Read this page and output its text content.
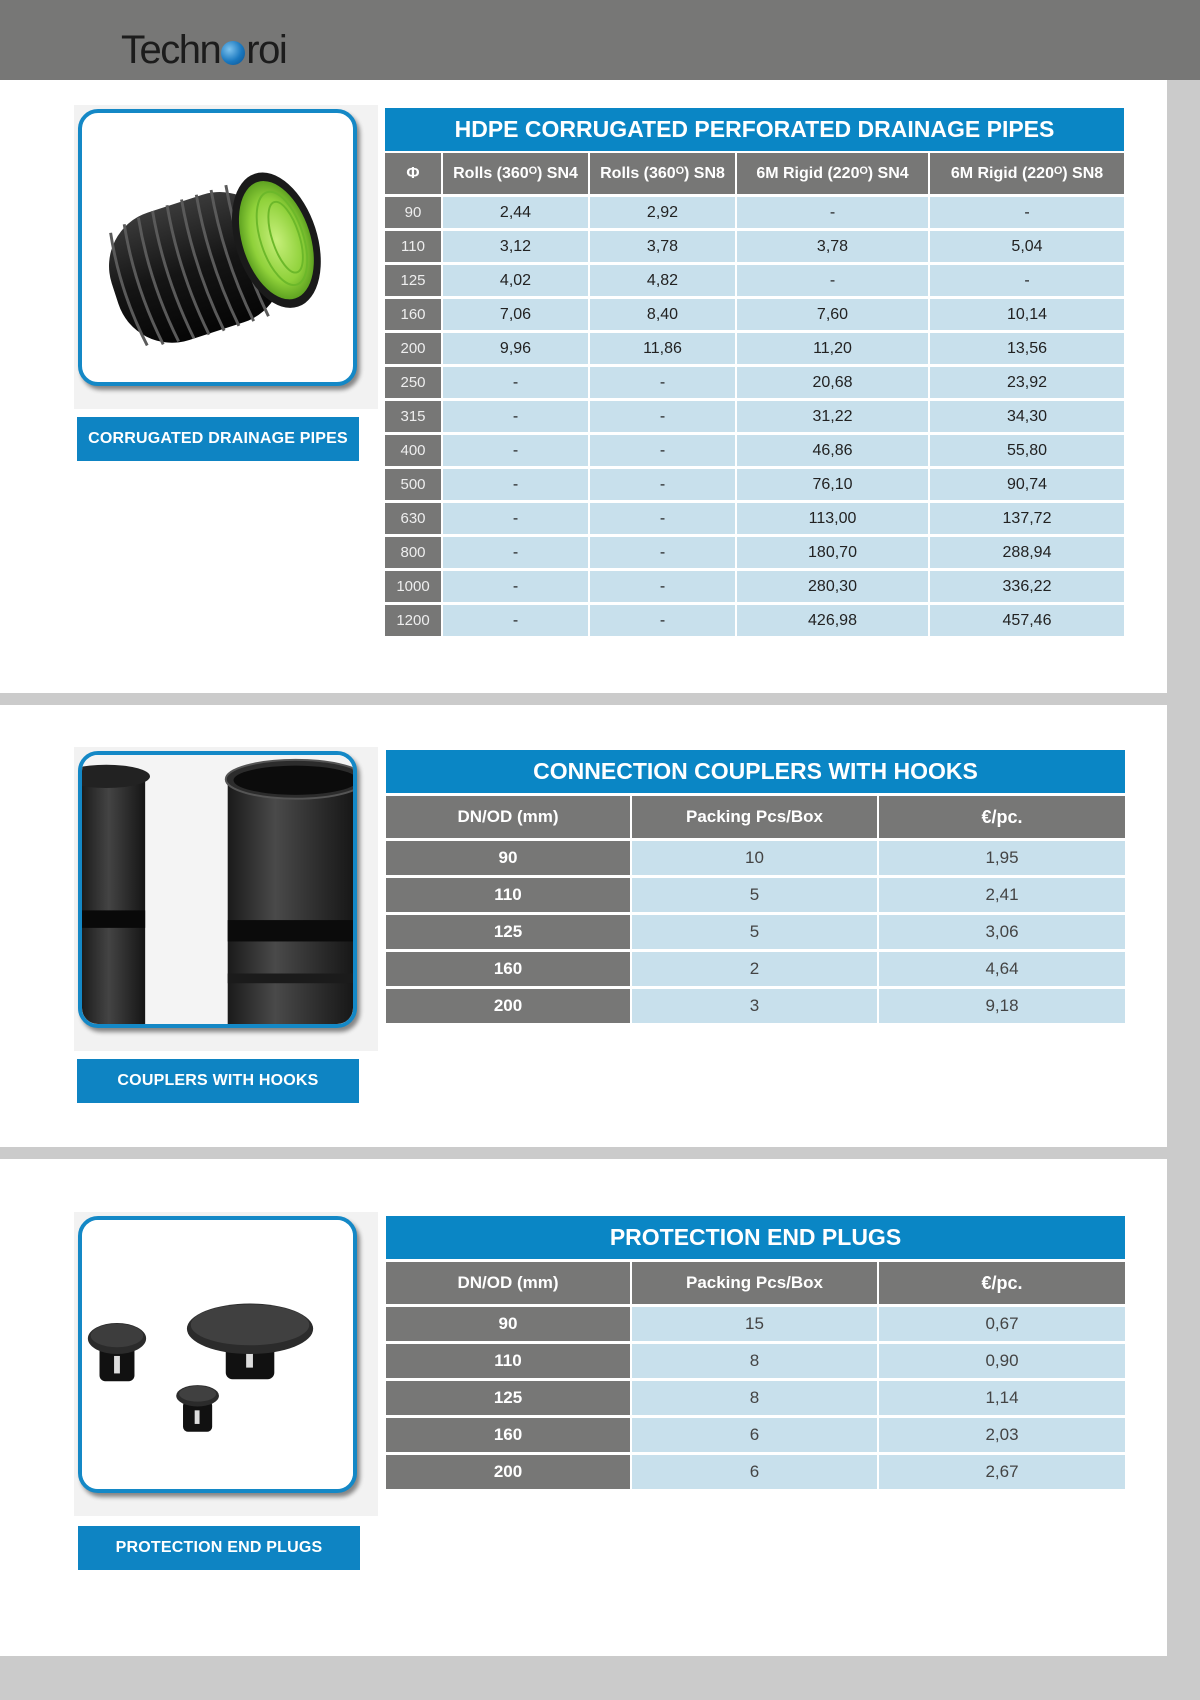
Techn roi
CORRUGATED DRAINAGE PIPES
HDPE CORRUGATED PERFORATED DRAINAGE PIPES
Φ	Rolls (360ᴼ) SN4	Rolls (360ᴼ) SN8	6M Rigid (220ᴼ) SN4	6M Rigid (220ᴼ) SN8
90	2,44	2,92	-	-
110	3,12	3,78	3,78	5,04
125	4,02	4,82	-	-
160	7,06	8,40	7,60	10,14
200	9,96	11,86	11,20	13,56
250	-	-	20,68	23,92
315	-	-	31,22	34,30
400	-	-	46,86	55,80
500	-	-	76,10	90,74
630	-	-	113,00	137,72
800	-	-	180,70	288,94
1000	-	-	280,30	336,22
1200	-	-	426,98	457,46
COUPLERS WITH HOOKS
CONNECTION COUPLERS WITH HOOKS
DN/OD (mm)	Packing Pcs/Box	€/pc.
90	10	1,95
110	5	2,41
125	5	3,06
160	2	4,64
200	3	9,18
PROTECTION END PLUGS
PROTECTION END PLUGS
DN/OD (mm)	Packing Pcs/Box	€/pc.
90	15	0,67
110	8	0,90
125	8	1,14
160	6	2,03
200	6	2,67
